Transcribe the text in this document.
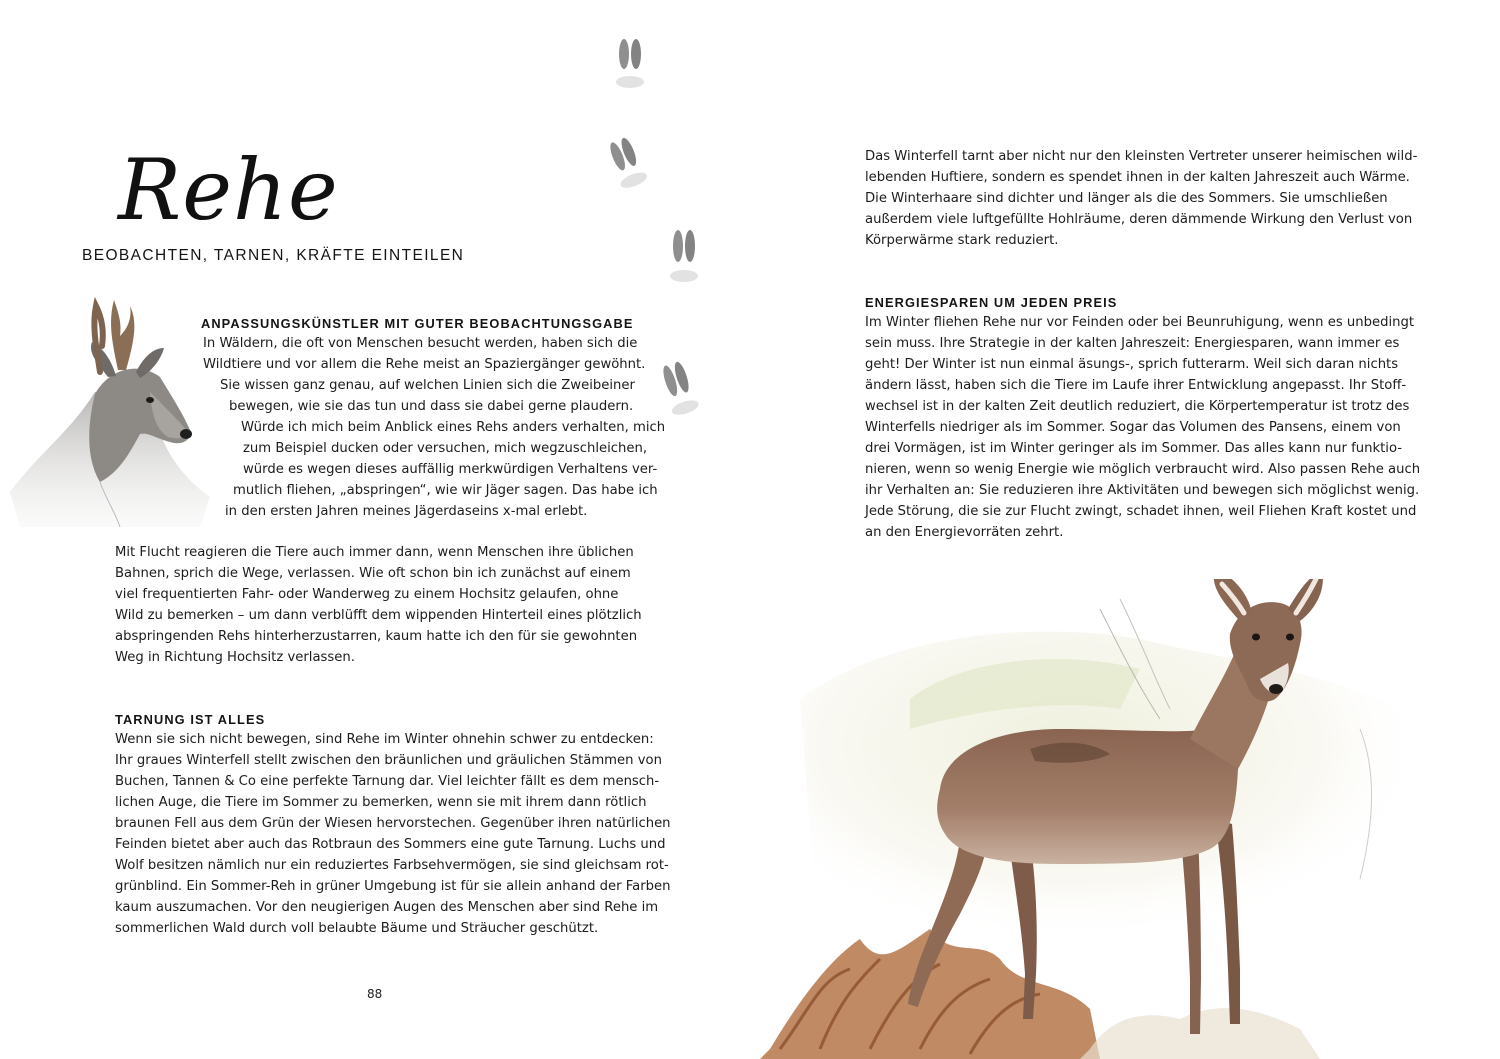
Rehe
BEOBACHTEN, TARNEN, KRÄFTE EINTEILEN
ANPASSUNGSKÜNSTLER MIT GUTER BEOBACHTUNGSGABE
In Wäldern, die oft von Menschen besucht werden, haben sich die
Wildtiere und vor allem die Rehe meist an Spaziergänger gewöhnt.
Sie wissen ganz genau, auf welchen Linien sich die Zweibeiner
bewegen, wie sie das tun und dass sie dabei gerne plaudern.
Würde ich mich beim Anblick eines Rehs anders verhalten, mich
zum Beispiel ducken oder versuchen, mich wegzuschleichen,
würde es wegen dieses auffällig merkwürdigen Verhaltens ver-
mutlich fliehen, „abspringen“, wie wir Jäger sagen. Das habe ich
in den ersten Jahren meines Jägerdaseins x-mal erlebt.
Mit Flucht reagieren die Tiere auch immer dann, wenn Menschen ihre üblichen
Bahnen, sprich die Wege, verlassen. Wie oft schon bin ich zunächst auf einem
viel frequentierten Fahr- oder Wanderweg zu einem Hochsitz gelaufen, ohne
Wild zu bemerken – um dann verblüfft dem wippenden Hinterteil eines plötzlich
abspringenden Rehs hinterherzustarren, kaum hatte ich den für sie gewohnten
Weg in Richtung Hochsitz verlassen.
TARNUNG IST ALLES
Wenn sie sich nicht bewegen, sind Rehe im Winter ohnehin schwer zu entdecken:
Ihr graues Winterfell stellt zwischen den bräunlichen und gräulichen Stämmen von
Buchen, Tannen & Co eine perfekte Tarnung dar. Viel leichter fällt es dem mensch-
lichen Auge, die Tiere im Sommer zu bemerken, wenn sie mit ihrem dann rötlich
braunen Fell aus dem Grün der Wiesen hervorstechen. Gegenüber ihren natürlichen
Feinden bietet aber auch das Rotbraun des Sommers eine gute Tarnung. Luchs und
Wolf besitzen nämlich nur ein reduziertes Farbsehvermögen, sie sind gleichsam rot-
grünblind. Ein Sommer-Reh in grüner Umgebung ist für sie allein anhand der Farben
kaum auszumachen. Vor den neugierigen Augen des Menschen aber sind Rehe im
sommerlichen Wald durch voll belaubte Bäume und Sträucher geschützt.
88
Das Winterfell tarnt aber nicht nur den kleinsten Vertreter unserer heimischen wild-
lebenden Huftiere, sondern es spendet ihnen in der kalten Jahreszeit auch Wärme.
Die Winterhaare sind dichter und länger als die des Sommers. Sie umschließen
außerdem viele luftgefüllte Hohlräume, deren dämmende Wirkung den Verlust von
Körperwärme stark reduziert.
ENERGIESPAREN UM JEDEN PREIS
Im Winter fliehen Rehe nur vor Feinden oder bei Beunruhigung, wenn es unbedingt
sein muss. Ihre Strategie in der kalten Jahreszeit: Energiesparen, wann immer es
geht! Der Winter ist nun einmal äsungs-, sprich futterarm. Weil sich daran nichts
ändern lässt, haben sich die Tiere im Laufe ihrer Entwicklung angepasst. Ihr Stoff-
wechsel ist in der kalten Zeit deutlich reduziert, die Körpertemperatur ist trotz des
Winterfells niedriger als im Sommer. Sogar das Volumen des Pansens, einem von
drei Vormägen, ist im Winter geringer als im Sommer. Das alles kann nur funktio-
nieren, wenn so wenig Energie wie möglich verbraucht wird. Also passen Rehe auch
ihr Verhalten an: Sie reduzieren ihre Aktivitäten und bewegen sich möglichst wenig.
Jede Störung, die sie zur Flucht zwingt, schadet ihnen, weil Fliehen Kraft kostet und
an den Energievorräten zehrt.
